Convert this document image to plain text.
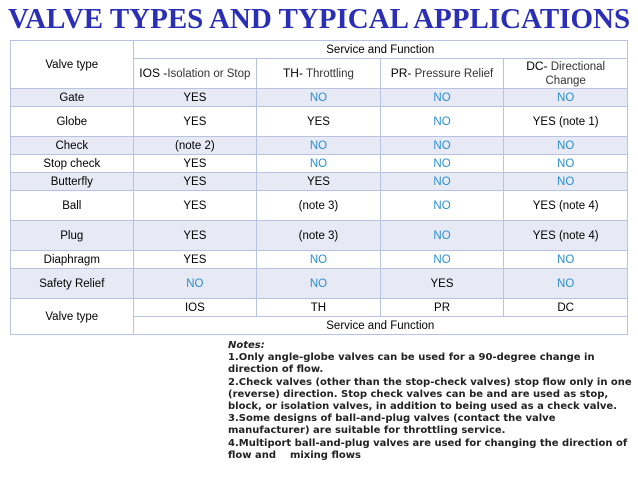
VALVE TYPES AND TYPICAL APPLICATIONS
Valve type	Service and Function			
	IOS -Isolation or Stop	TH- Throttling	PR- Pressure Relief	DC- Directional Change
Gate	YES	NO	NO	NO
Globe	YES	YES	NO	YES (note 1)
Check	(note 2)	NO	NO	NO
Stop check	YES	NO	NO	NO
Butterfly	YES	YES	NO	NO
Ball	YES	(note 3)	NO	YES (note 4)
Plug	YES	(note 3)	NO	YES (note 4)
Diaphragm	YES	NO	NO	NO
Safety Relief	NO	NO	YES	NO
Valve type	IOS	TH	PR	DC
	Service and Function			
Notes:
1.Only angle-globe valves can be used for a 90-degree change in direction of flow.
2.Check valves (other than the stop-check valves) stop flow only in one (reverse) direction. Stop check valves can be and are used as stop, block, or isolation valves, in addition to being used as a check valve.
3.Some designs of ball-and-plug valves (contact the valve manufacturer) are suitable for throttling service.
4.Multiport ball-and-plug valves are used for changing the direction of flow and    mixing flows
